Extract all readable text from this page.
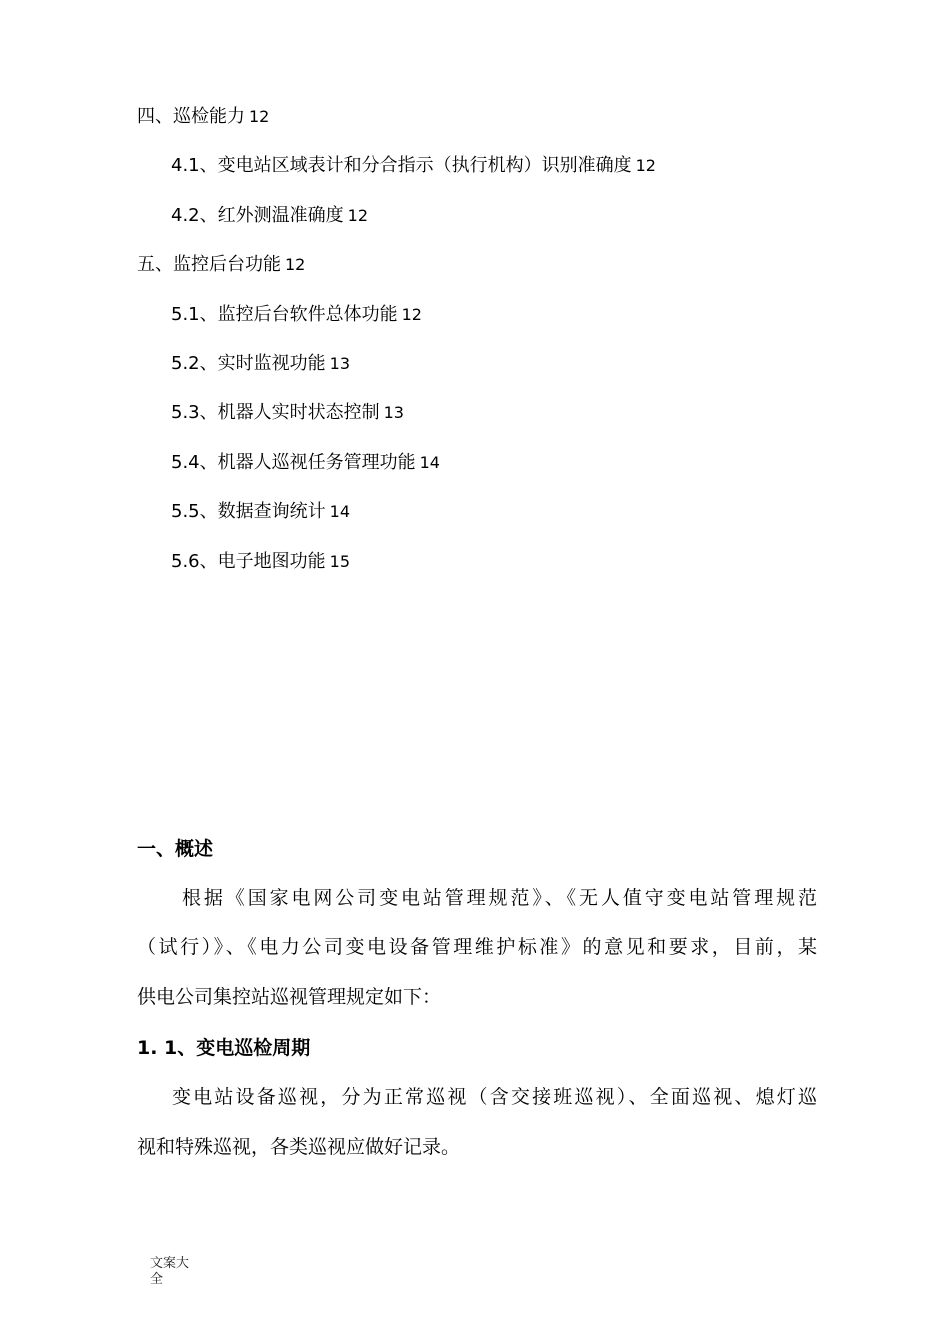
四、巡检能力 12
4.1、变电站区域表计和分合指示（执行机构）识别准确度 12
4.2、红外测温准确度 12
五、监控后台功能 12
5.1、监控后台软件总体功能 12
5.2、实时监视功能 13
5.3、机器人实时状态控制 13
5.4、机器人巡视任务管理功能 14
5.5、数据查询统计 14
5.6、电子地图功能 15
一、概述
根据《国家电网公司变电站管理规范》、《无人值守变电站管理规范
（试行）》、《电力公司变电设备管理维护标准》的意见和要求，目前，某
供电公司集控站巡视管理规定如下：
1. 1、变电巡检周期
变电站设备巡视，分为正常巡视（含交接班巡视）、全面巡视、熄灯巡
视和特殊巡视，各类巡视应做好记录。
文案大全
